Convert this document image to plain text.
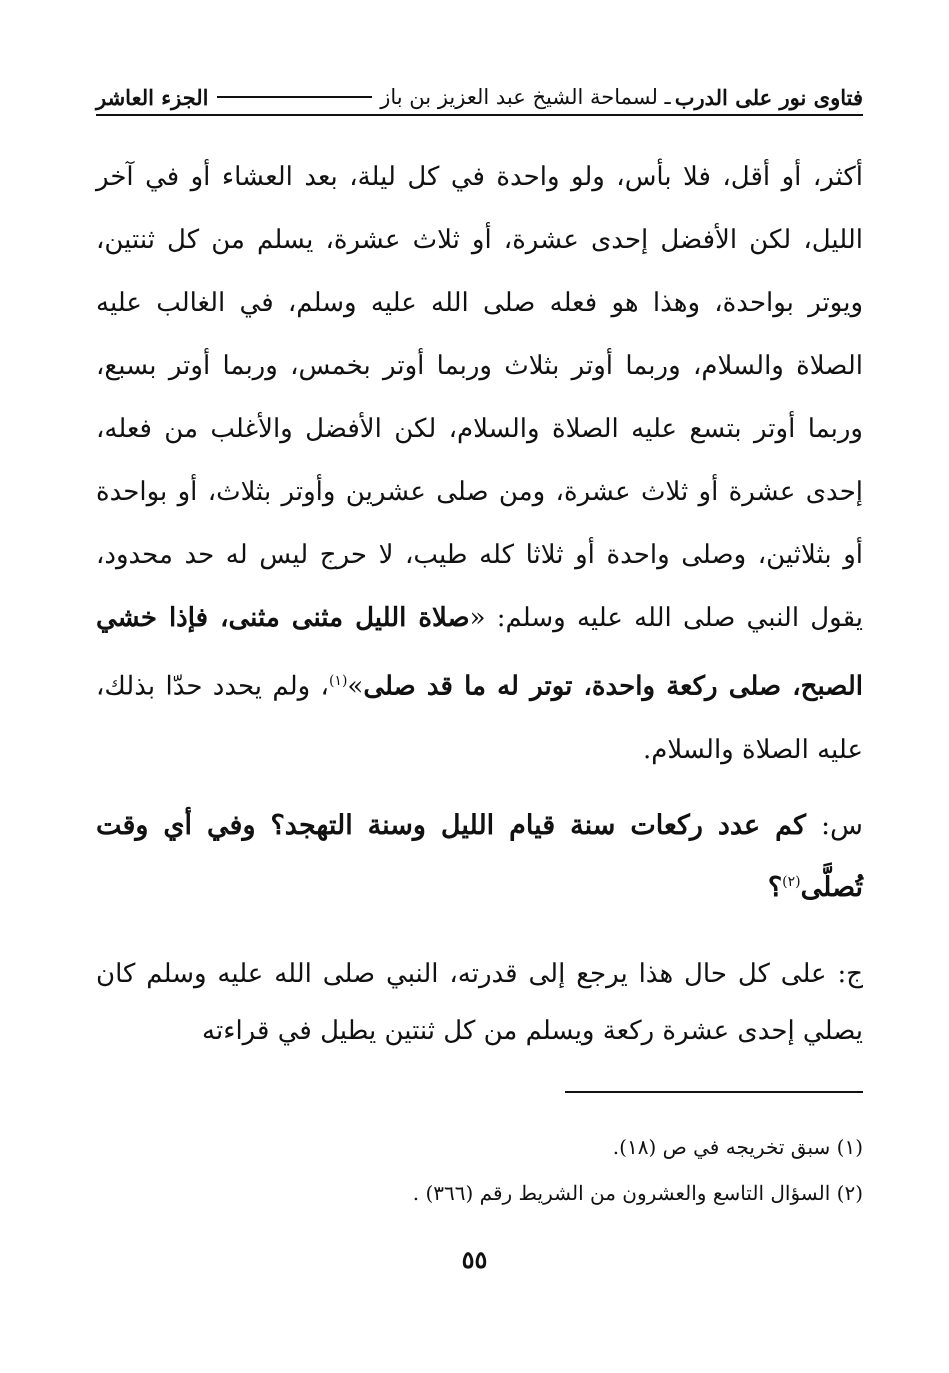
فتاوى نور على الدرب
ـ لسماحة الشيخ عبد العزيز بن باز
الجزء العاشر
أكثر، أو أقل، فلا بأس، ولو واحدة في كل ليلة، بعد العشاء أو في آخر الليل، لكن الأفضل إحدى عشرة، أو ثلاث عشرة، يسلم من كل ثنتين، ويوتر بواحدة، وهذا هو فعله صلى الله عليه وسلم، في الغالب عليه الصلاة والسلام، وربما أوتر بثلاث وربما أوتر بخمس، وربما أوتر بسبع، وربما أوتر بتسع عليه الصلاة والسلام، لكن الأفضل والأغلب من فعله، إحدى عشرة أو ثلاث عشرة، ومن صلى عشرين وأوتر بثلاث، أو بواحدة أو بثلاثين، وصلى واحدة أو ثلاثا كله طيب، لا حرج ليس له حد محدود، يقول النبي صلى الله عليه وسلم: «صلاة الليل مثنى مثنى، فإذا خشي الصبح، صلى ركعة واحدة، توتر له ما قد صلى»$^{(١)}$، ولم يحدد حدّا بذلك، عليه الصلاة والسلام.
س: كم عدد ركعات سنة قيام الليل وسنة التهجد؟ وفي أي وقت تُصلَّى$^{(٢)}$؟
ج: على كل حال هذا يرجع إلى قدرته، النبي صلى الله عليه وسلم كان يصلي إحدى عشرة ركعة ويسلم من كل ثنتين يطيل في قراءته
(١) سبق تخريجه في ص (١٨).
(٢) السؤال التاسع والعشرون من الشريط رقم (٣٦٦) .
٥٥
